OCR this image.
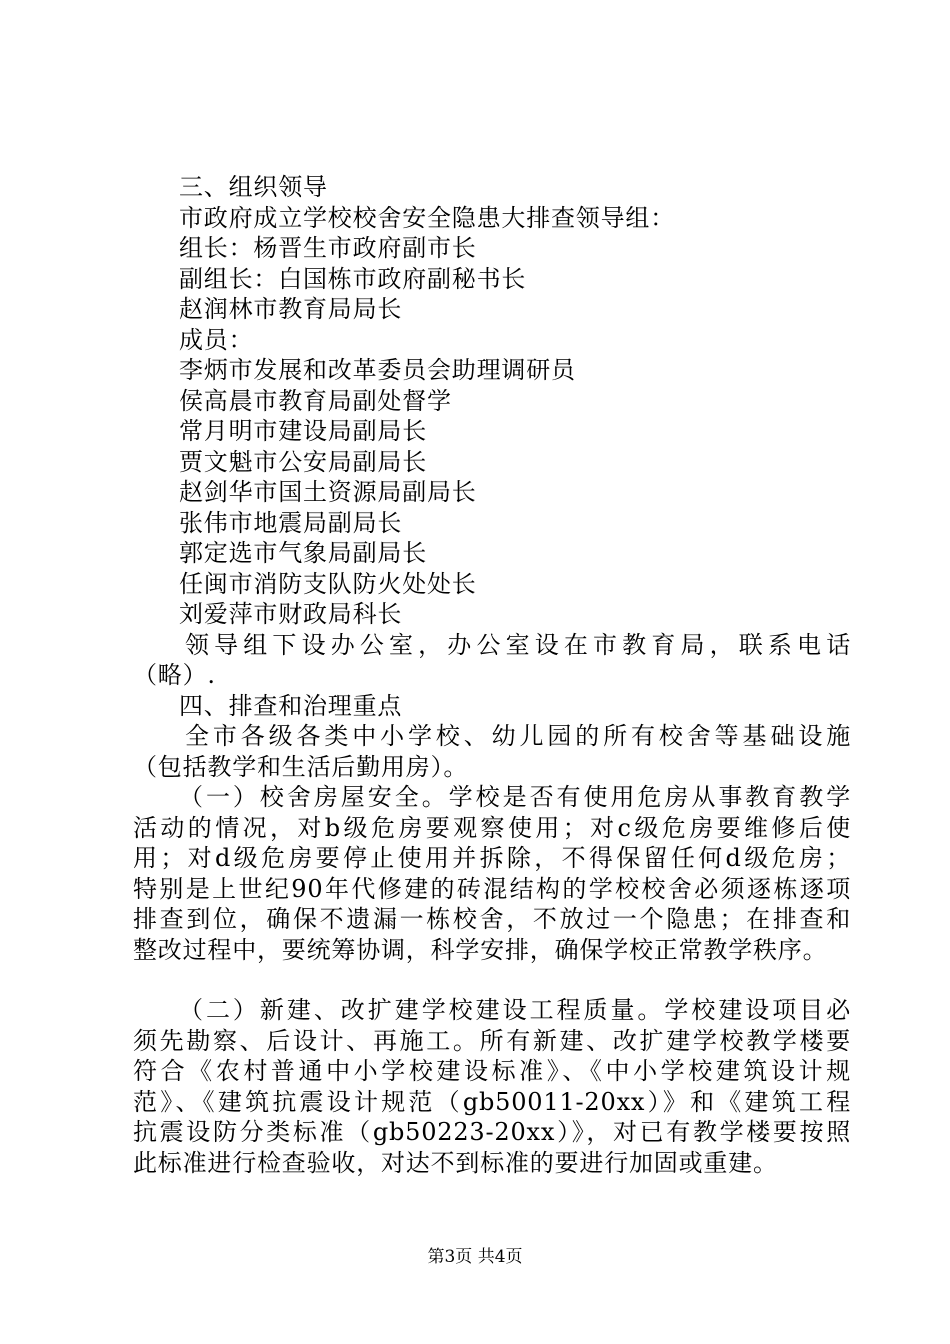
三、组织领导
市政府成立学校校舍安全隐患大排查领导组：
组长：杨晋生市政府副市长
副组长：白国栋市政府副秘书长
赵润林市教育局局长
成员：
李炳市发展和改革委员会助理调研员
侯高晨市教育局副处督学
常月明市建设局副局长
贾文魁市公安局副局长
赵剑华市国土资源局副局长
张伟市地震局副局长
郭定选市气象局副局长
任闽市消防支队防火处处长
刘爱萍市财政局科长
领导组下设办公室，办公室设在市教育局，联系电话
（略）.
四、排查和治理重点
全市各级各类中小学校、幼儿园的所有校舍等基础设施
（包括教学和生活后勤用房）。
（一）校舍房屋安全。学校是否有使用危房从事教育教学
活动的情况，对b级危房要观察使用；对c级危房要维修后使
用；对d级危房要停止使用并拆除，不得保留任何d级危房；
特别是上世纪90年代修建的砖混结构的学校校舍必须逐栋逐项
排查到位，确保不遗漏一栋校舍，不放过一个隐患；在排查和
整改过程中，要统筹协调，科学安排，确保学校正常教学秩序。
（二）新建、改扩建学校建设工程质量。学校建设项目必
须先勘察、后设计、再施工。所有新建、改扩建学校教学楼要
符合《农村普通中小学校建设标准》、《中小学校建筑设计规
范》、《建筑抗震设计规范（gb50011-20xx）》和《建筑工程
抗震设防分类标准（gb50223-20xx）》，对已有教学楼要按照
此标准进行检查验收，对达不到标准的要进行加固或重建。
第3页 共4页
